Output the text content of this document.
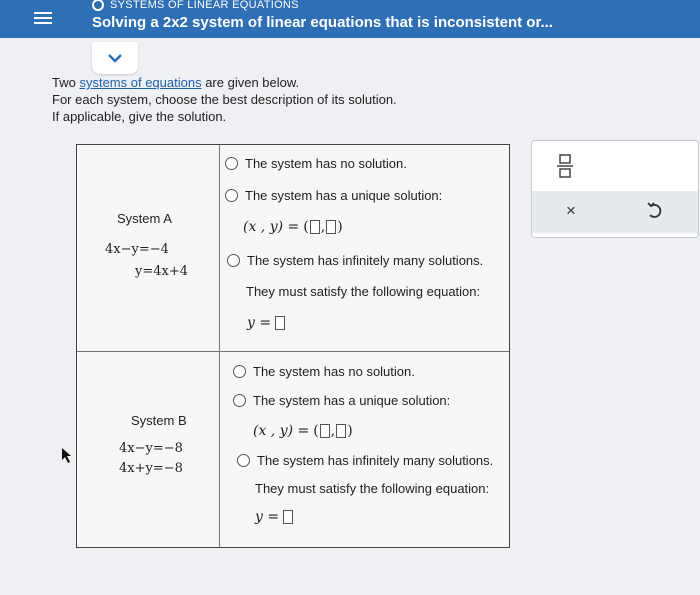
SYSTEMS OF LINEAR EQUATIONS
Solving a 2x2 system of linear equations that is inconsistent or...
Two systems of equations are given below.
For each system, choose the best description of its solution.
If applicable, give the solution.
System A
4x−y=−4
y=4x+4
The system has no solution.
The system has a unique solution:
(x , y) = ( , )
The system has infinitely many solutions.
They must satisfy the following equation:
y =
System B
4x−y=−8
4x+y=−8
The system has no solution.
The system has a unique solution:
(x , y) = ( , )
The system has infinitely many solutions.
They must satisfy the following equation:
y =
×
